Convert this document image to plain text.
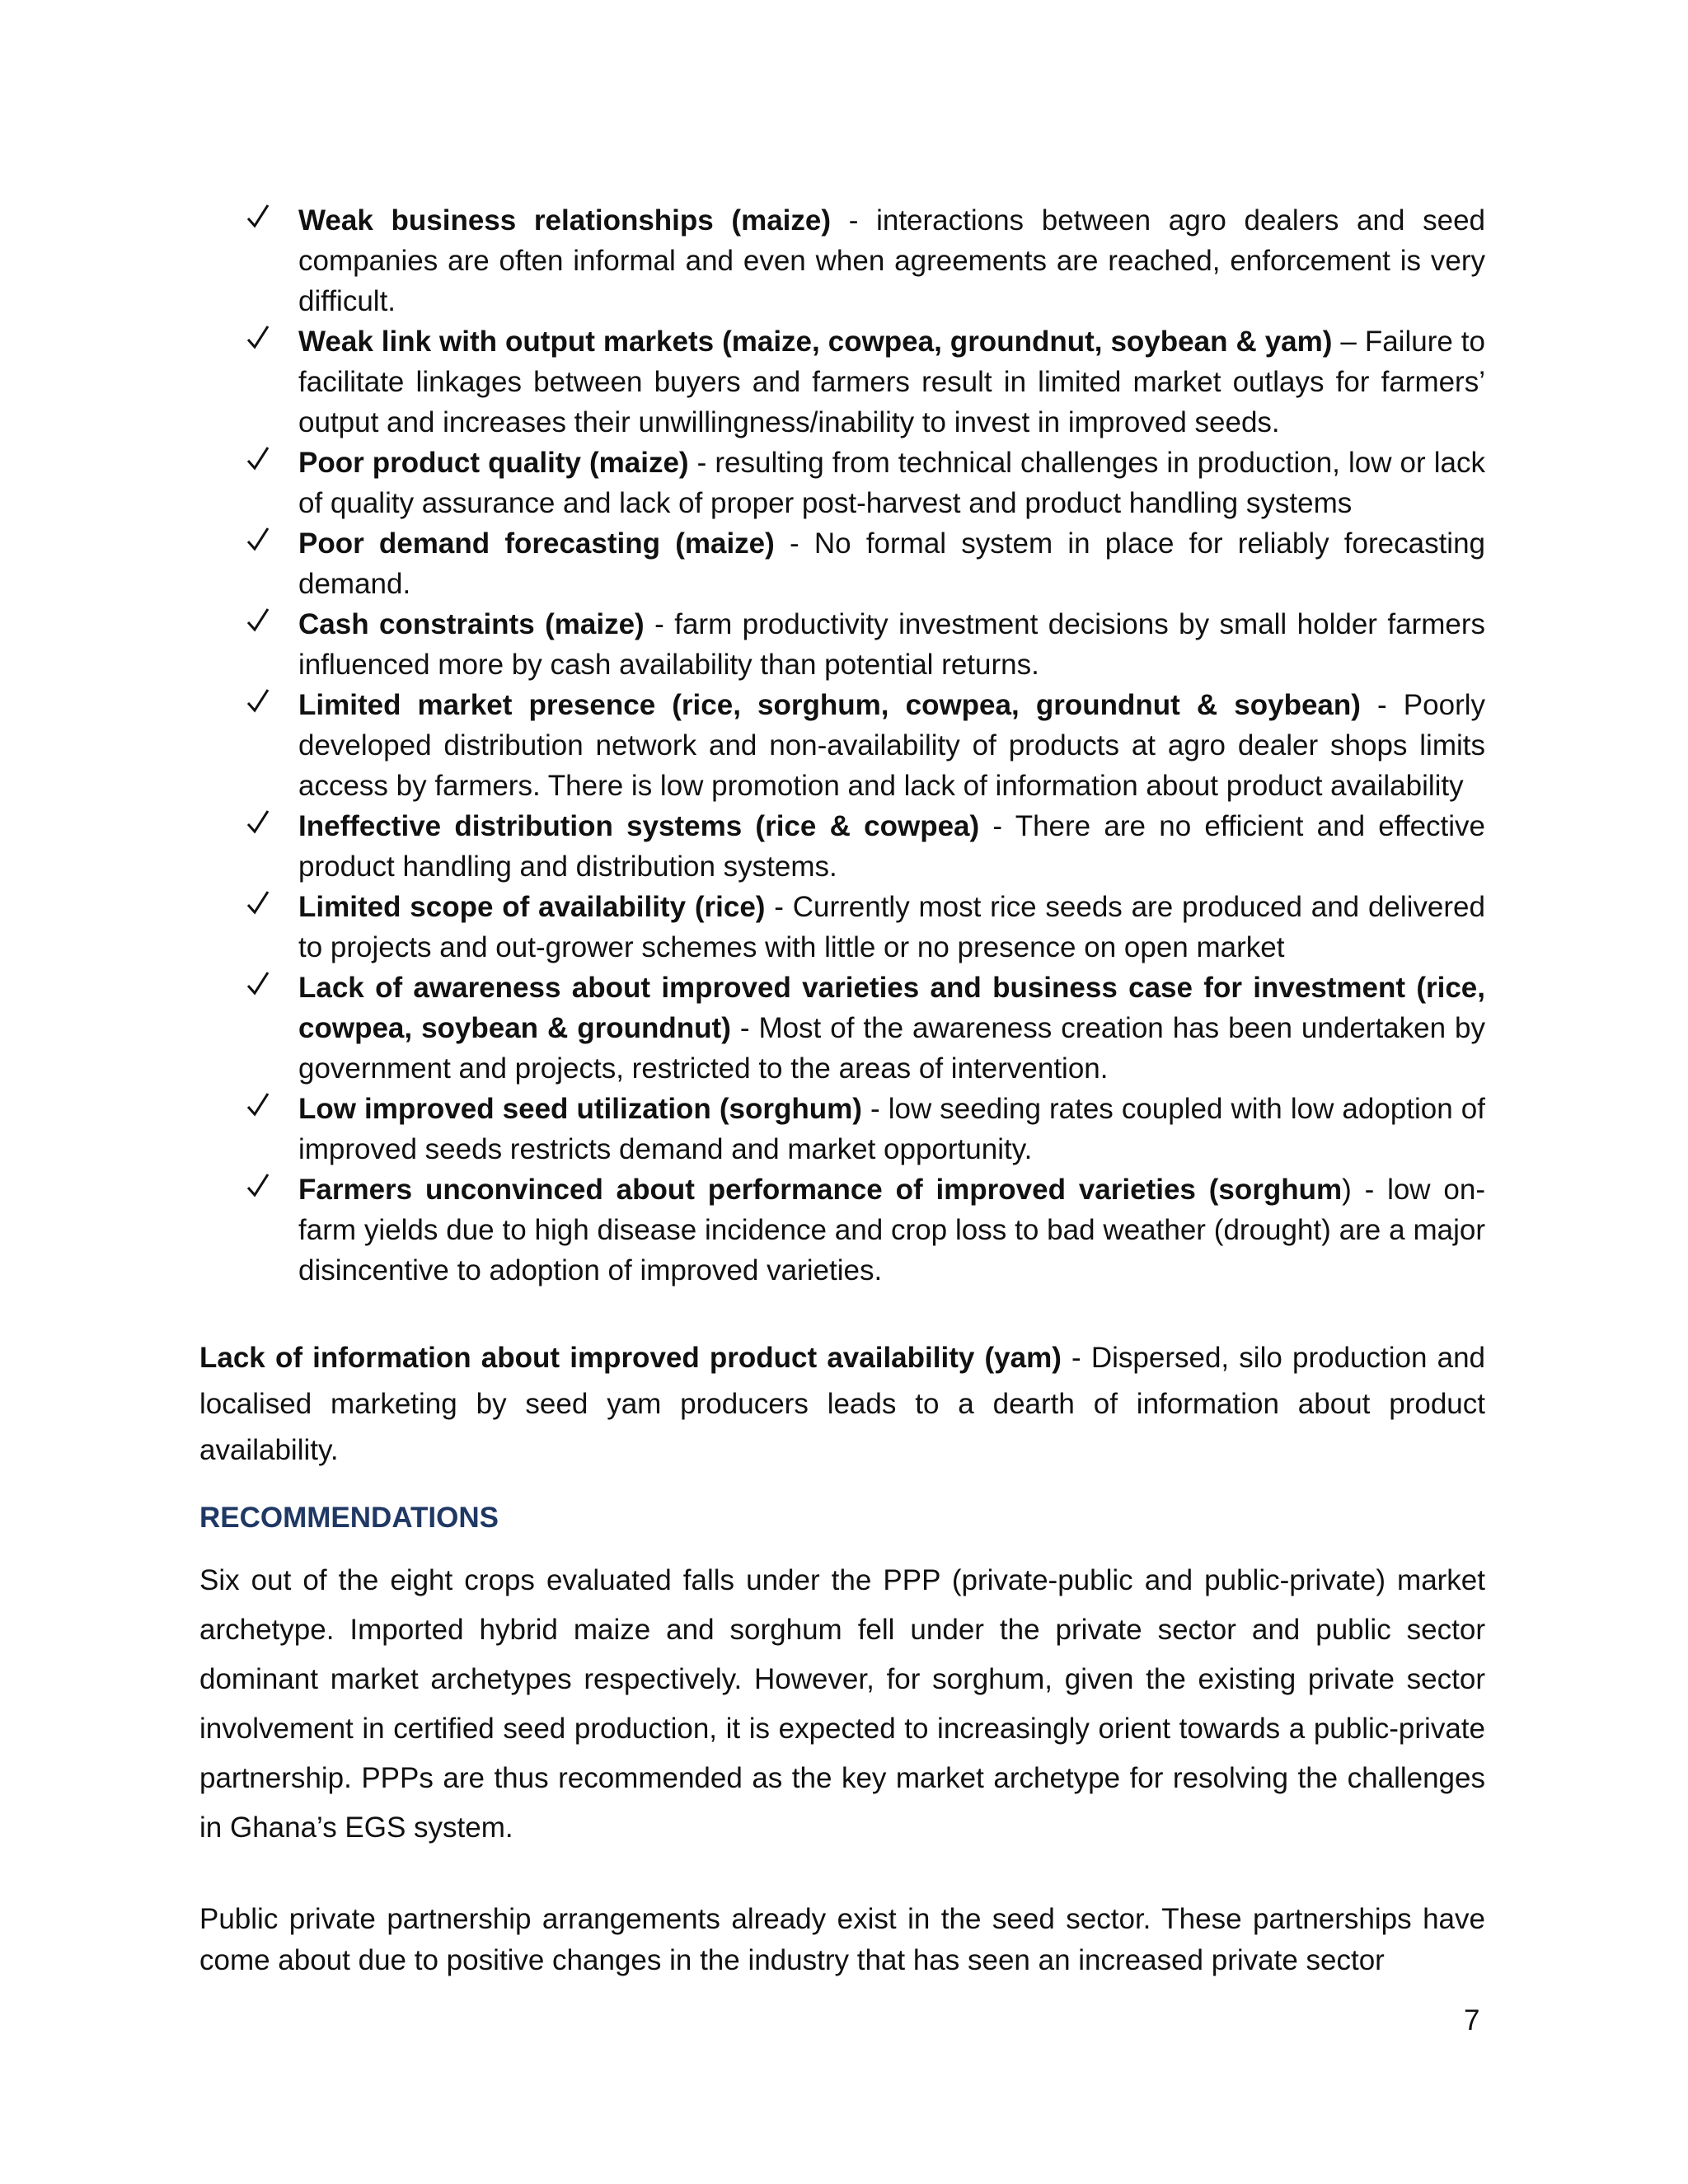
Weak business relationships (maize) - interactions between agro dealers and seed companies are often informal and even when agreements are reached, enforcement is very difficult.
Weak link with output markets (maize, cowpea, groundnut, soybean & yam) – Failure to facilitate linkages between buyers and farmers result in limited market outlays for farmers’ output and increases their unwillingness/inability to invest in improved seeds.
Poor product quality (maize) - resulting from technical challenges in production, low or lack of quality assurance and lack of proper post-harvest and product handling systems
Poor demand forecasting (maize) - No formal system in place for reliably forecasting demand.
Cash constraints (maize) - farm productivity investment decisions by small holder farmers influenced more by cash availability than potential returns.
Limited market presence (rice, sorghum, cowpea, groundnut & soybean) - Poorly developed distribution network and non-availability of products at agro dealer shops limits access by farmers. There is low promotion and lack of information about product availability
Ineffective distribution systems (rice & cowpea) - There are no efficient and effective product handling and distribution systems.
Limited scope of availability (rice) - Currently most rice seeds are produced and delivered to projects and out-grower schemes with little or no presence on open market
Lack of awareness about improved varieties and business case for investment (rice, cowpea, soybean & groundnut) - Most of the awareness creation has been undertaken by government and projects, restricted to the areas of intervention.
Low improved seed utilization (sorghum) - low seeding rates coupled with low adoption of improved seeds restricts demand and market opportunity.
Farmers unconvinced about performance of improved varieties (sorghum) - low on-farm yields due to high disease incidence and crop loss to bad weather (drought) are a major disincentive to adoption of improved varieties.

Lack of information about improved product availability (yam) - Dispersed, silo production and localised marketing by seed yam producers leads to a dearth of information about product availability.

RECOMMENDATIONS

Six out of the eight crops evaluated falls under the PPP (private-public and public-private) market archetype. Imported hybrid maize and sorghum fell under the private sector and public sector dominant market archetypes respectively. However, for sorghum, given the existing private sector involvement in certified seed production, it is expected to increasingly orient towards a public-private partnership. PPPs are thus recommended as the key market archetype for resolving the challenges in Ghana’s EGS system.

Public private partnership arrangements already exist in the seed sector. These partnerships have come about due to positive changes in the industry that has seen an increased private sector

7
